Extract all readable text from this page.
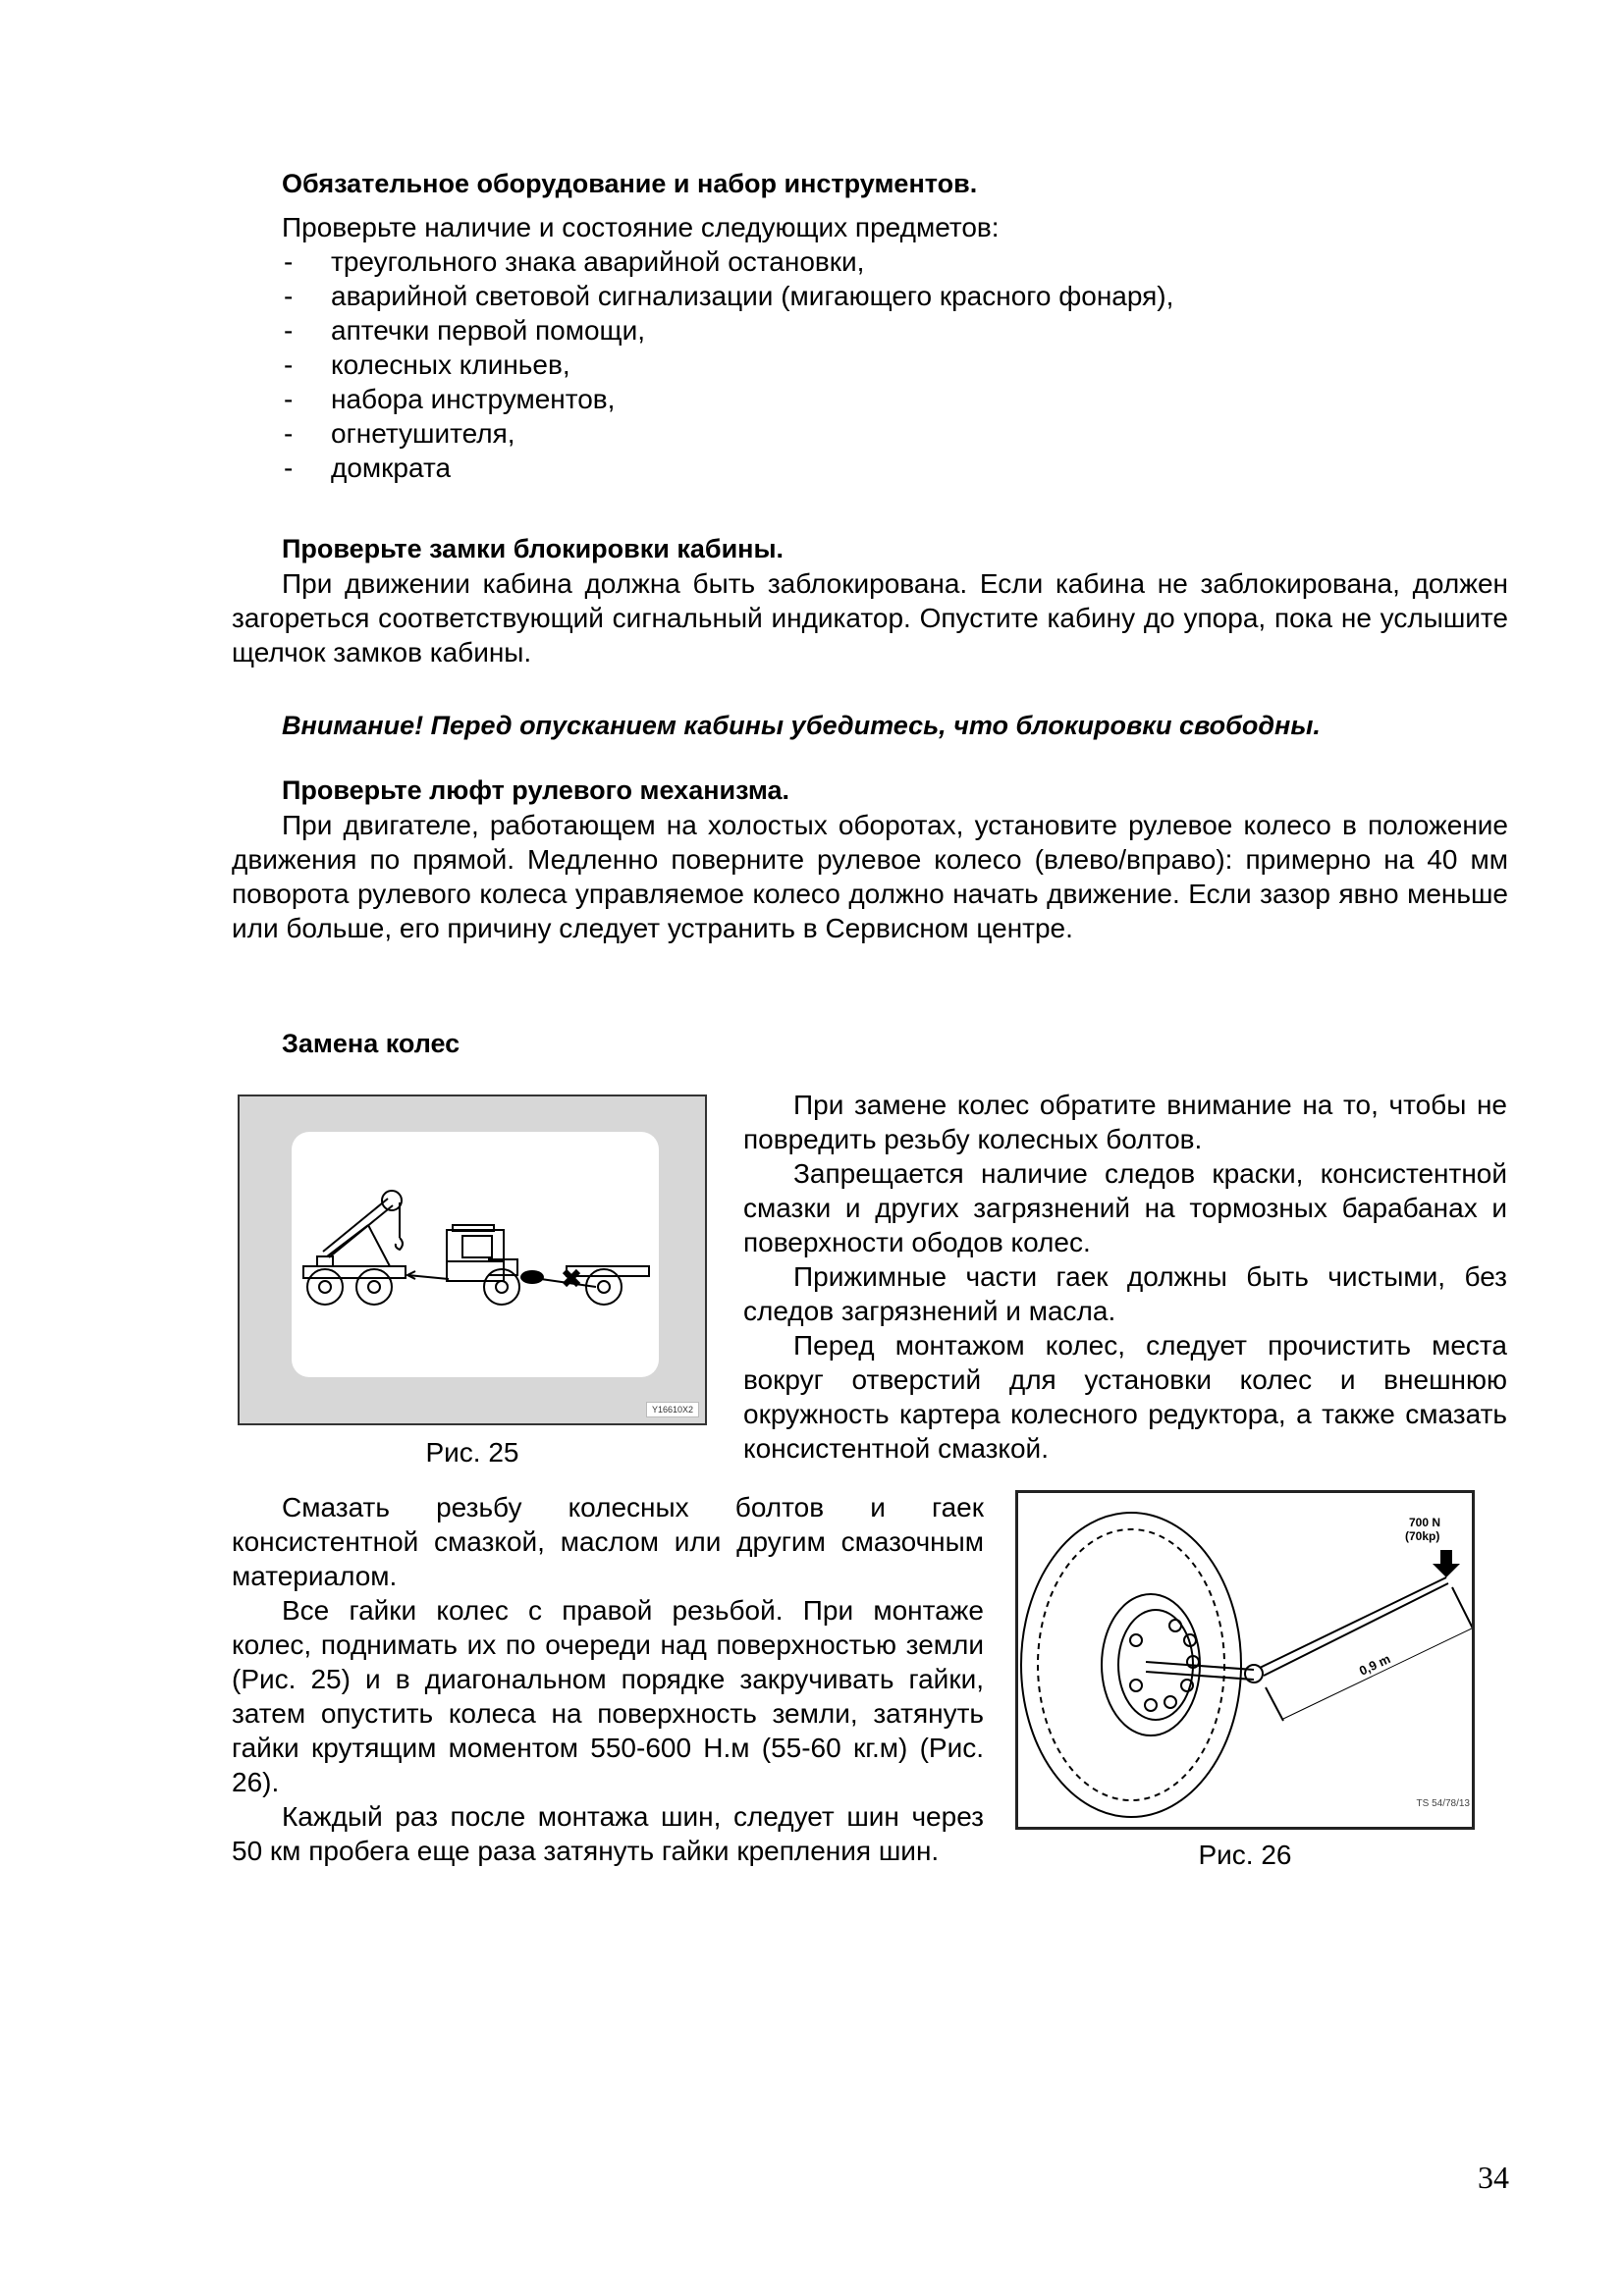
Обязательное оборудование и набор инструментов.
Проверьте наличие и состояние следующих предметов:
- треугольного знака аварийной остановки,
- аварийной световой сигнализации (мигающего красного фонаря),
- аптечки первой помощи,
- колесных клиньев,
- набора инструментов,
- огнетушителя,
- домкрата
Проверьте замки блокировки кабины.

При движении кабина должна быть заблокирована. Если кабина не заблокирована, должен загореться соответствующий сигнальный индикатор. Опустите кабину до упора, пока не услышите щелчок замков кабины.

Внимание! Перед опусканием кабины убедитесь, что блокировки свободны.
Проверьте люфт рулевого механизма.

При двигателе, работающем на холостых оборотах, установите рулевое колесо в положение движения по прямой. Медленно поверните рулевое колесо (влево/вправо): примерно на 40 мм поворота рулевого колеса управляемое колесо должно начать движение. Если зазор явно меньше или больше, его причину следует устранить в Сервисном центре.

Замена колес
Y16610X2
Рис. 25

При замене колес обратите внимание на то, чтобы не повредить резьбу колесных болтов.

Запрещается наличие следов краски, консистентной смазки и других загрязнений на тормозных барабанах и поверхности ободов колес.

Прижимные части гаек должны быть чистыми, без следов загрязнений и масла.

Перед монтажом колес, следует прочистить места вокруг отверстий для установки колес и внешнюю окружность картера колесного редуктора, а также смазать консистентной смазкой.

Смазать резьбу колесных болтов и гаек консистентной смазкой, маслом или другим смазочным материалом.

Все гайки колес с правой резьбой. При монтаже колес, поднимать их по очереди над поверхностью земли (Рис. 25) и в диагональном порядке закручивать гайки, затем опустить колеса на поверхность земли, затянуть гайки крутящим моментом 550-600 Н.м (55-60 кг.м) (Рис. 26).

Каждый раз после монтажа шин, следует шин через 50 км пробега еще раза затянуть гайки крепления шин.

700 N
(70kp)
0,9 m
TS 54/78/13
Рис. 26
34
